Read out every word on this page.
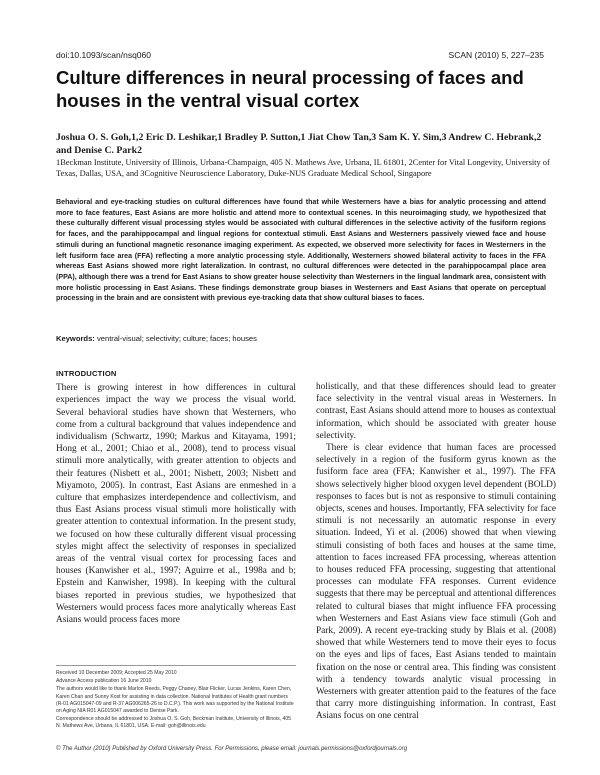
doi:10.1093/scan/nsq060	SCAN (2010) 5, 227–235
Culture differences in neural processing of faces and houses in the ventral visual cortex
Joshua O. S. Goh,1,2 Eric D. Leshikar,1 Bradley P. Sutton,1 Jiat Chow Tan,3 Sam K. Y. Sim,3 Andrew C. Hebrank,2 and Denise C. Park2
1Beckman Institute, University of Illinois, Urbana-Champaign, 405 N. Mathews Ave, Urbana, IL 61801, 2Center for Vital Longevity, University of Texas, Dallas, USA, and 3Cognitive Neuroscience Laboratory, Duke-NUS Graduate Medical School, Singapore
Behavioral and eye-tracking studies on cultural differences have found that while Westerners have a bias for analytic processing and attend more to face features, East Asians are more holistic and attend more to contextual scenes. In this neuroimaging study, we hypothesized that these culturally different visual processing styles would be associated with cultural differences in the selective activity of the fusiform regions for faces, and the parahippocampal and lingual regions for contextual stimuli. East Asians and Westerners passively viewed face and house stimuli during an functional magnetic resonance imaging experiment. As expected, we observed more selectivity for faces in Westerners in the left fusiform face area (FFA) reflecting a more analytic processing style. Additionally, Westerners showed bilateral activity to faces in the FFA whereas East Asians showed more right lateralization. In contrast, no cultural differences were detected in the parahippocampal place area (PPA), although there was a trend for East Asians to show greater house selectivity than Westerners in the lingual landmark area, consistent with more holistic processing in East Asians. These findings demonstrate group biases in Westerners and East Asians that operate on perceptual processing in the brain and are consistent with previous eye-tracking data that show cultural biases to faces.
Keywords: ventral-visual; selectivity; culture; faces; houses
INTRODUCTION

There is growing interest in how differences in cultural experiences impact the way we process the visual world. Several behavioral studies have shown that Westerners, who come from a cultural background that values independence and individualism (Schwartz, 1990; Markus and Kitayama, 1991; Hong et al., 2001; Chiao et al., 2008), tend to process visual stimuli more analytically, with greater attention to objects and their features (Nisbett et al., 2001; Nisbett, 2003; Nisbett and Miyamoto, 2005). In contrast, East Asians are enmeshed in a culture that emphasizes interdependence and collectivism, and thus East Asians process visual stimuli more holistically with greater attention to contextual information. In the present study, we focused on how these culturally different visual processing styles might affect the selectivity of responses in specialized areas of the ventral visual cortex for processing faces and houses (Kanwisher et al., 1997; Aguirre et al., 1998a and b; Epstein and Kanwisher, 1998). In keeping with the cultural biases reported in previous studies, we hypothesized that Westerners would process faces more analytically whereas East Asians would process faces more

holistically, and that these differences should lead to greater face selectivity in the ventral visual areas in Westerners. In contrast, East Asians should attend more to houses as contextual information, which should be associated with greater house selectivity.

There is clear evidence that human faces are processed selectively in a region of the fusiform gyrus known as the fusiform face area (FFA; Kanwisher et al., 1997). The FFA shows selectively higher blood oxygen level dependent (BOLD) responses to faces but is not as responsive to stimuli containing objects, scenes and houses. Importantly, FFA selectivity for face stimuli is not necessarily an automatic response in every situation. Indeed, Yi et al. (2006) showed that when viewing stimuli consisting of both faces and houses at the same time, attention to faces increased FFA processing, whereas attention to houses reduced FFA processing, suggesting that attentional processes can modulate FFA responses. Current evidence suggests that there may be perceptual and attentional differences related to cultural biases that might influence FFA processing when Westerners and East Asians view face stimuli (Goh and Park, 2009). A recent eye-tracking study by Blais et al. (2008) showed that while Westerners tend to move their eyes to focus on the eyes and lips of faces, East Asians tended to maintain fixation on the nose or central area. This finding was consistent with a tendency towards analytic visual processing in Westerners with greater attention paid to the features of the face that carry more distinguishing information. In contrast, East Asians focus on one central

Received 10 December 2009; Accepted 25 May 2010

Advance Access publication 16 June 2010

The authors would like to thank Marlon Reeds, Peggy Chaney, Blair Flicker, Lucas Jenkins, Karen Chen, Karen Chan and Sunny Kost for assisting in data collection. National Institutes of Health grant numbers (R-01 AG015047-09 and R-37 AG006265-26 to D.C.P.). This work was supported by the National Institute on Aging NIA R01 AG015047 awarded to Denise Park.

Correspondence should be addressed to Joshua O. S. Goh, Beckman Institute, University of Illinois, 405 N. Mathews Ave, Urbana, IL 61801, USA. E-mail: goh@illinois.edu

© The Author (2010) Published by Oxford University Press. For Permissions, please email: journals.permissions@oxfordjournals.org
